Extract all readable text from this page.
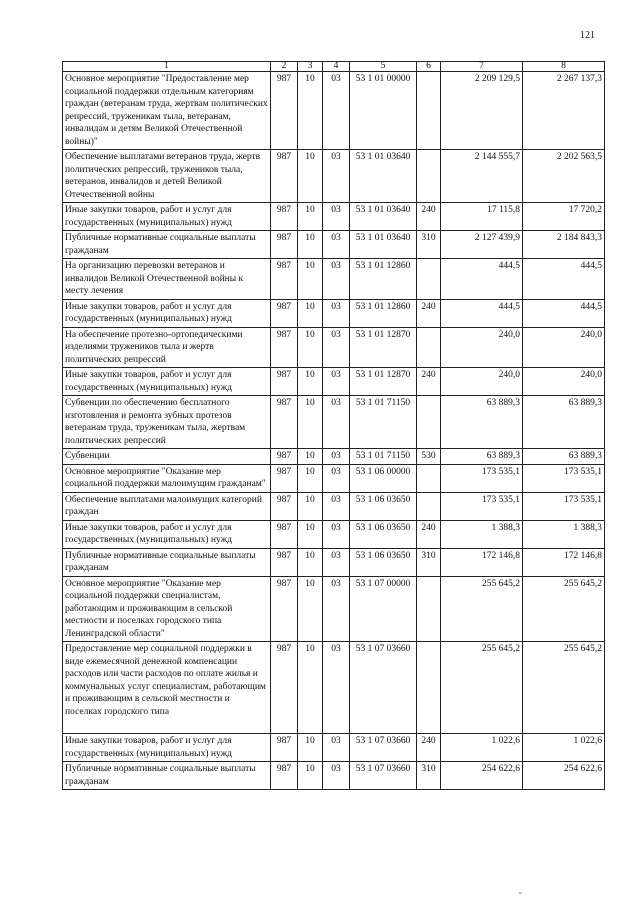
121
1	2	3	4	5	6	7	8
Основное мероприятие "Предоставление мер социальной поддержки отдельным категориям граждан (ветеранам труда, жертвам политических репрессий, труженикам тыла, ветеранам, инвалидам и детям Великой Отечественной войны)"	987	10	03	53 1 01 00000		2 209 129,5	2 267 137,3
Обеспечение выплатами ветеранов труда, жертв политических репрессий, тружеников тыла, ветеранов, инвалидов и детей Великой Отечественной войны	987	10	03	53 1 01 03640		2 144 555,7	2 202 563,5
Иные закупки товаров, работ и услуг для государственных (муниципальных) нужд	987	10	03	53 1 01 03640	240	17 115,8	17 720,2
Публичные нормативные социальные выплаты гражданам	987	10	03	53 1 01 03640	310	2 127 439,9	2 184 843,3
На организацию перевозки ветеранов и инвалидов Великой Отечественной войны к месту лечения	987	10	03	53 1 01 12860		444,5	444,5
Иные закупки товаров, работ и услуг для государственных (муниципальных) нужд	987	10	03	53 1 01 12860	240	444,5	444,5
На обеспечение протезно-ортопедическими изделиями тружеников тыла и жертв политических репрессий	987	10	03	53 1 01 12870		240,0	240,0
Иные закупки товаров, работ и услуг для государственных (муниципальных) нужд	987	10	03	53 1 01 12870	240	240,0	240,0
Субвенции по обеспечению бесплатного изготовления и ремонта зубных протезов ветеранам труда, труженикам тыла, жертвам политических репрессий	987	10	03	53 1 01 71150		63 889,3	63 889,3
Субвенции	987	10	03	53 1 01 71150	530	63 889,3	63 889,3
Основное мероприятие "Оказание мер социальной поддержки малоимущим гражданам"	987	10	03	53 1 06 00000		173 535,1	173 535,1
Обеспечение выплатами малоимущих категорий граждан	987	10	03	53 1 06 03650		173 535,1	173 535,1
Иные закупки товаров, работ и услуг для государственных (муниципальных) нужд	987	10	03	53 1 06 03650	240	1 388,3	1 388,3
Публичные нормативные социальные выплаты гражданам	987	10	03	53 1 06 03650	310	172 146,8	172 146,8
Основное мероприятие "Оказание мер социальной поддержки специалистам, работающим и проживающим в сельской местности и поселках городского типа Ленинградской области"	987	10	03	53 1 07 00000		255 645,2	255 645,2
Предоставление мер социальной поддержки в виде ежемесячной денежной компенсации расходов или части расходов по оплате жилья и коммунальных услуг специалистам, работающим и проживающим в сельской местности и поселках городского типа	987	10	03	53 1 07 03660		255 645,2	255 645,2
Иные закупки товаров, работ и услуг для государственных (муниципальных) нужд	987	10	03	53 1 07 03660	240	1 022,6	1 022,6
Публичные нормативные социальные выплаты гражданам	987	10	03	53 1 07 03660	310	254 622,6	254 622,6
⌄
